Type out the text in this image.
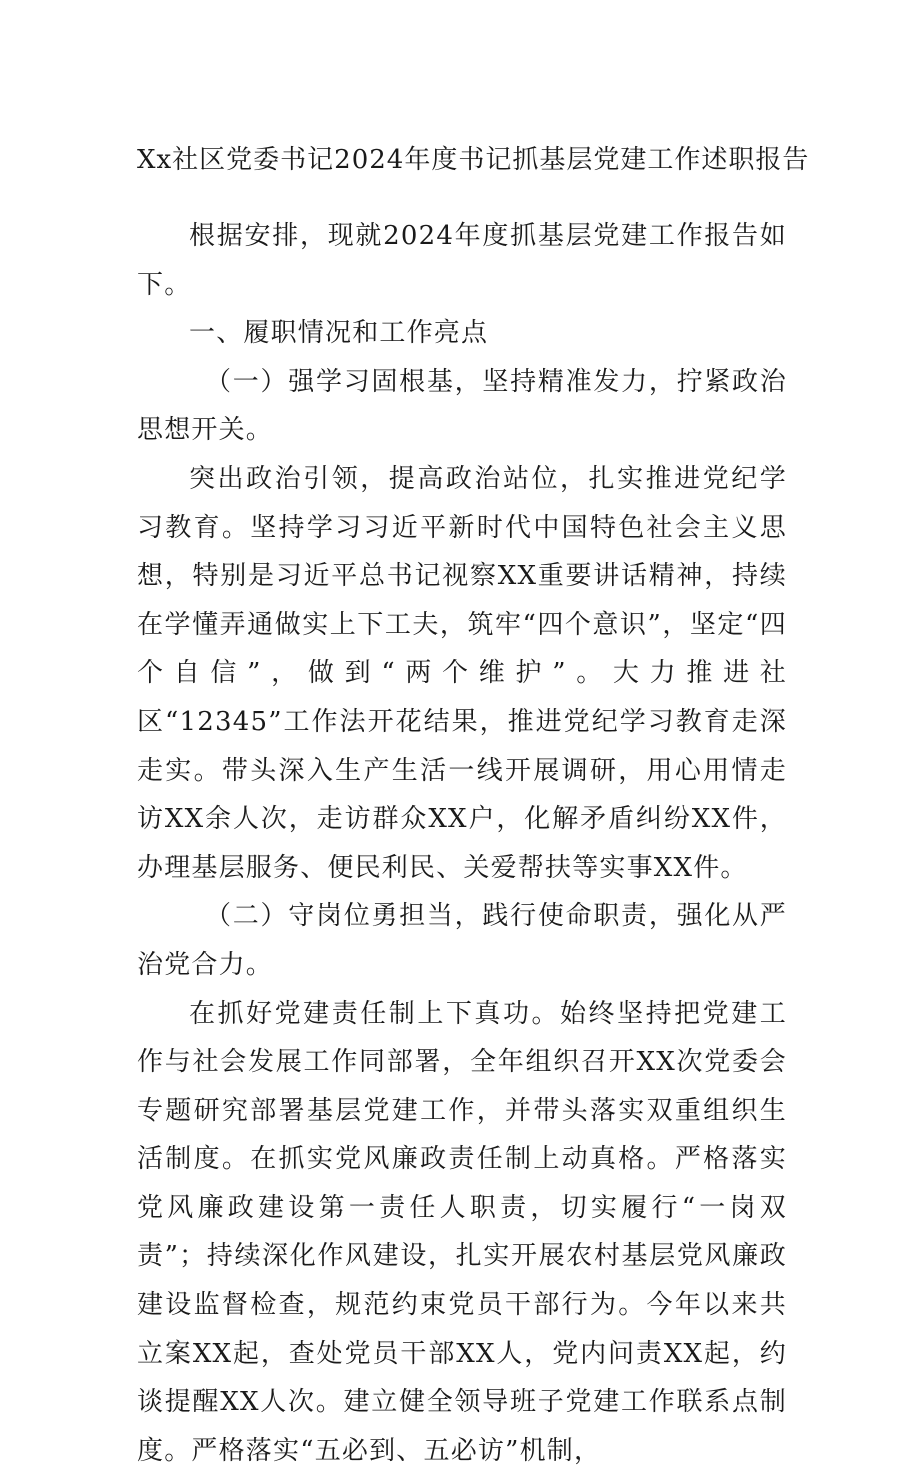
Xx社区党委书记2024年度书记抓基层党建工作述职报告

根据安排，现就2024年度抓基层党建工作报告如下。

一、履职情况和工作亮点

（一）强学习固根基，坚持精准发力，拧紧政治思想开关。

突出政治引领，提高政治站位，扎实推进党纪学习教育。坚持学习习近平新时代中国特色社会主义思想，特别是习近平总书记视察XX重要讲话精神，持续在学懂弄通做实上下工夫，筑牢“四个意识”，坚定“四个自信”，做到“两个维护”。大力推进社区“12345”工作法开花结果，推进党纪学习教育走深走实。带头深入生产生活一线开展调研，用心用情走访XX余人次，走访群众XX户，化解矛盾纠纷XX件，办理基层服务、便民利民、关爱帮扶等实事XX件。

（二）守岗位勇担当，践行使命职责，强化从严治党合力。

在抓好党建责任制上下真功。始终坚持把党建工作与社会发展工作同部署，全年组织召开XX次党委会专题研究部署基层党建工作，并带头落实双重组织生活制度。在抓实党风廉政责任制上动真格。严格落实党风廉政建设第一责任人职责，切实履行“一岗双责”；持续深化作风建设，扎实开展农村基层党风廉政建设监督检查，规范约束党员干部行为。今年以来共立案XX起，查处党员干部XX人，党内问责XX起，约谈提醒XX人次。建立健全领导班子党建工作联系点制度。严格落实“五必到、五必访”机制，
